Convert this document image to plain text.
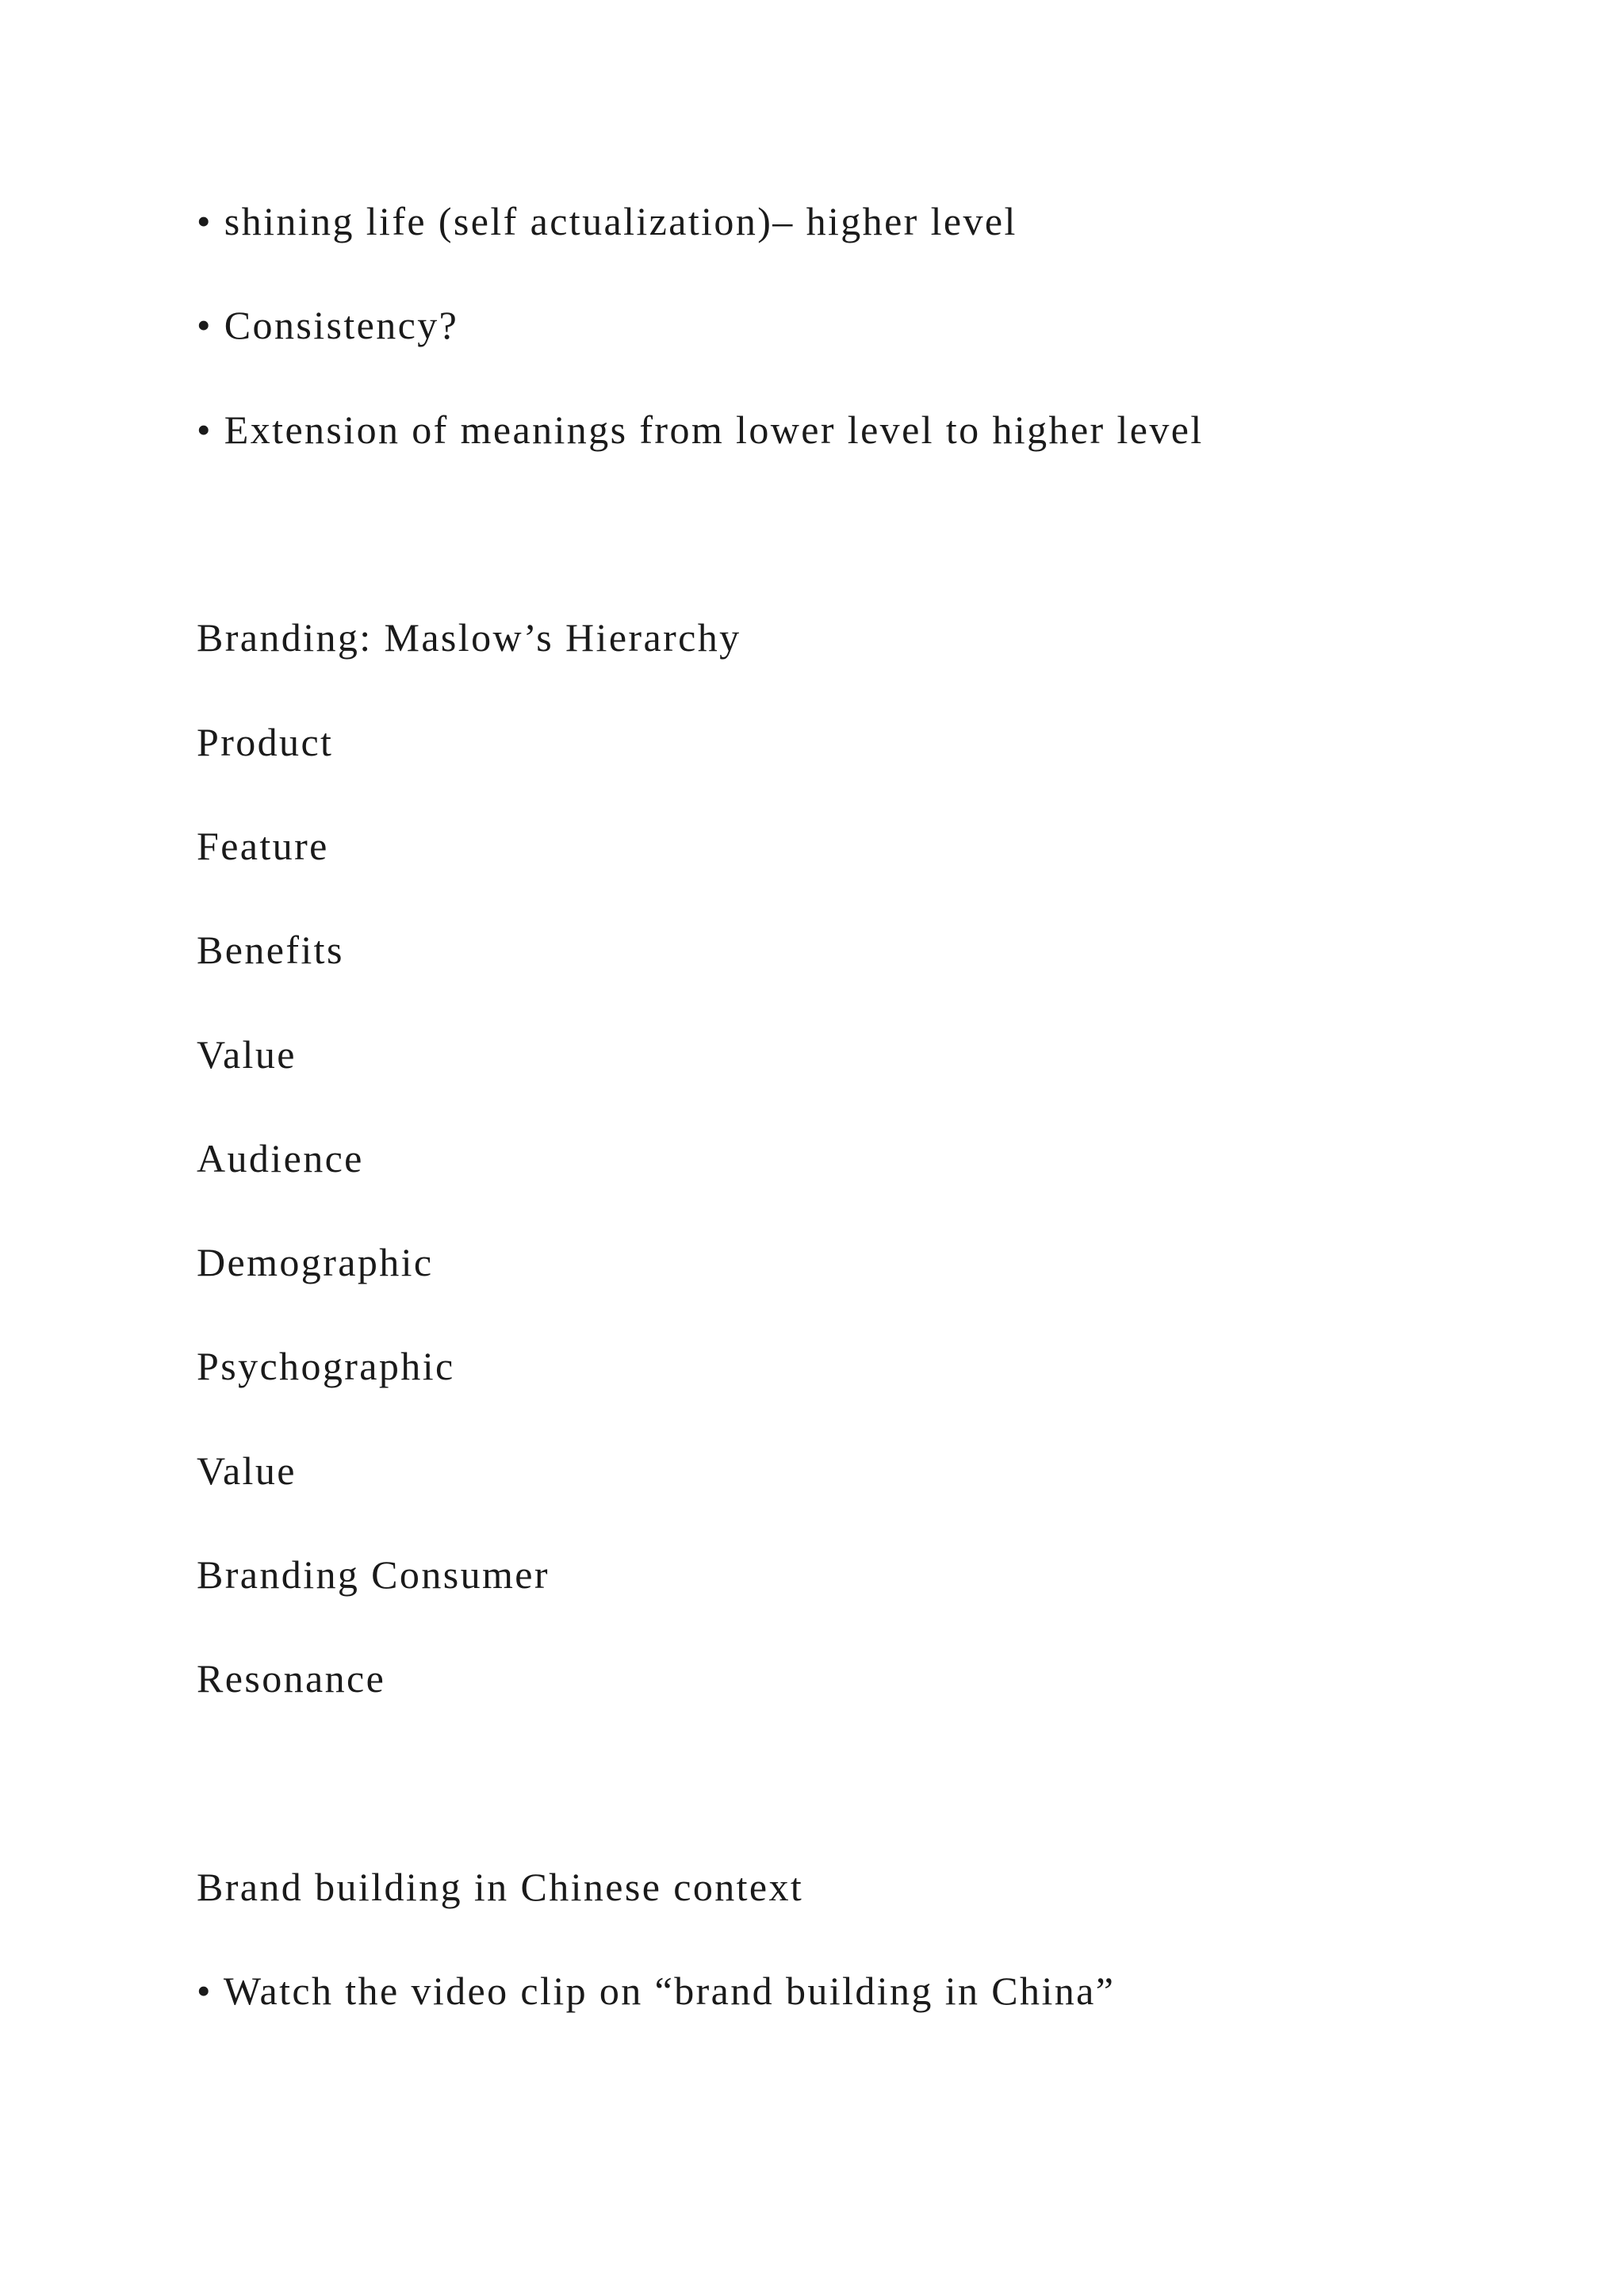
• shining life (self actualization)– higher level

• Consistency?

• Extension of meanings from lower level to higher level

Branding: Maslow’s Hierarchy

Product

Feature

Benefits

Value

Audience

Demographic

Psychographic

Value

Branding Consumer

Resonance

Brand building in Chinese context

• Watch the video clip on “brand building in China”
